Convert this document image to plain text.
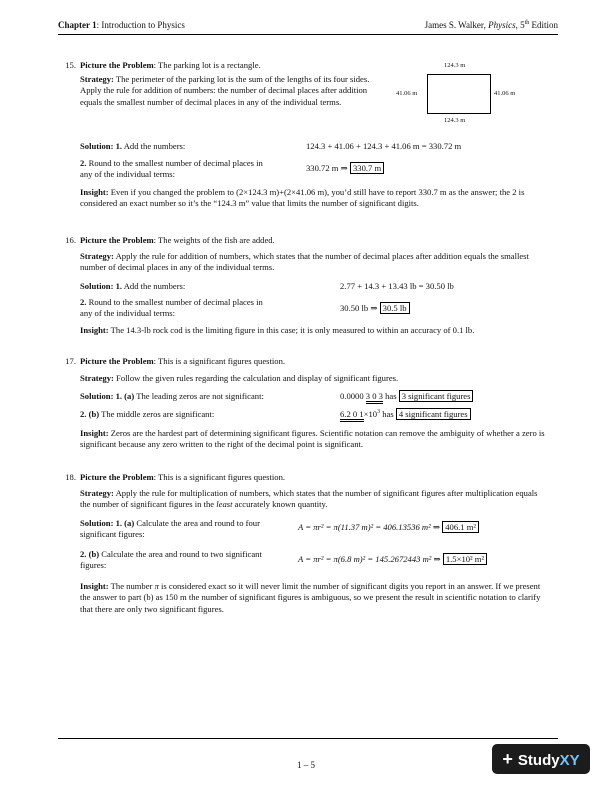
Chapter 1: Introduction to Physics	James S. Walker, Physics, 5th Edition
15. Picture the Problem: The parking lot is a rectangle.
Strategy: The perimeter of the parking lot is the sum of the lengths of its four sides. Apply the rule for addition of numbers: the number of decimal places after addition equals the smallest number of decimal places in any of the individual terms.
124.3 m
41.06 m	41.06 m
124.3 m
Solution: 1. Add the numbers:	124.3 + 41.06 + 124.3 + 41.06 m = 330.72 m
2. Round to the smallest number of decimal places in any of the individual terms:
330.72 m ⇒ 330.7 m
Insight: Even if you changed the problem to (2×124.3 m)+(2×41.06 m), you’d still have to report 330.7 m as the answer; the 2 is considered an exact number so it’s the “124.3 m” value that limits the number of significant digits.
16. Picture the Problem: The weights of the fish are added.
Strategy: Apply the rule for addition of numbers, which states that the number of decimal places after addition equals the smallest number of decimal places in any of the individual terms.
Solution: 1. Add the numbers:	2.77 + 14.3 + 13.43 lb = 30.50 lb
2. Round to the smallest number of decimal places in any of the individual terms:
30.50 lb ⇒ 30.5 lb
Insight: The 14.3-lb rock cod is the limiting figure in this case; it is only measured to within an accuracy of 0.1 lb.
17. Picture the Problem: This is a significant figures question.
Strategy: Follow the given rules regarding the calculation and display of significant figures.
Solution: 1. (a) The leading zeros are not significant:	0.0000 3 0 3 has 3 significant figures
2. (b) The middle zeros are significant:	6.2 0 $1\times 10^3$ has 4 significant figures
Insight: Zeros are the hardest part of determining significant figures. Scientific notation can remove the ambiguity of whether a zero is significant because any zero written to the right of the decimal point is significant.
18. Picture the Problem: This is a significant figures question.
Strategy: Apply the rule for multiplication of numbers, which states that the number of significant figures after multiplication equals the number of significant figures in the least accurately known quantity.
Solution: 1. (a) Calculate the area and round to four significant figures:
A = πr² = π(11.37 m)² = 406.13536 m² ⇒ 406.1 m²
2. (b) Calculate the area and round to two significant figures:
A = πr² = π(6.8 m)² = 145.2672443 m² ⇒ 1.5×10² m²
Insight: The number π is considered exact so it will never limit the number of significant digits you report in an answer. If we present the answer to part (b) as 150 m the number of significant figures is ambiguous, so we present the result in scientific notation to clarify that there are only two significant figures.
1 – 5	+ StudyXY
